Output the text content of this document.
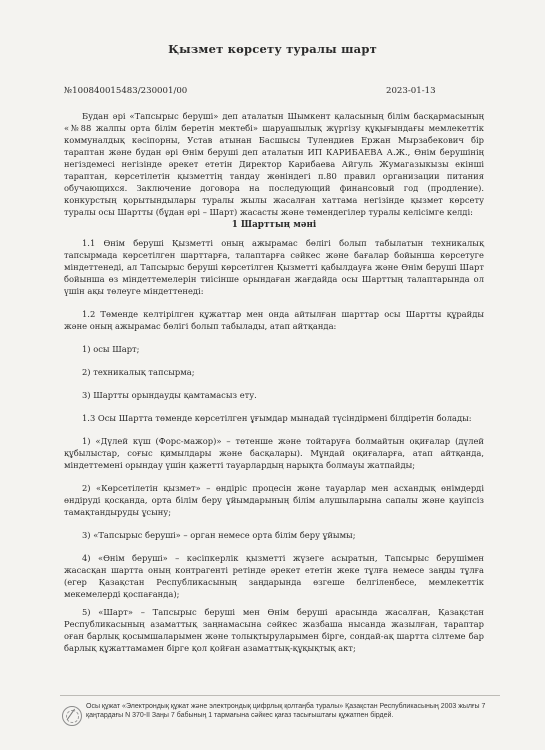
Қызмет көрсету туралы шарт
№100840015483/230001/00	2023-01-13

Будан әрі «Тапсырыс беруші» деп аталатын Шымкент қаласының білім басқармасының «№88 жалпы орта білім беретін мектебі» шаруашылық жүргізу құқығындағы мемлекеттік коммуналдық кәсіпорны, Устав атынан Басшысы Тулендиев Ержан Мырзабекович бір тараптан және будан әрі Өнім беруші деп аталатын ИП КАРИБАЕВА А.Ж., Өнім берушінің негіздемесі негізінде әрекет ететін Директор Карибаева Айгуль Жумагазыкызы екінші тараптан, көрсетілетін қызметтің тандау жөніндегі п.80 правил организации питания обучающихся. Заключение договора на последующий финансовый год (продление). конкурстың қорытындылары туралы жылы жасалған хаттама негізінде қызмет көрсету туралы осы Шартты (бұдан әрі – Шарт) жасасты және төмендегілер туралы келісімге келді:

1 Шарттың мәні

1.1 Өнім беруші Қызметті оның ажырамас бөлігі болып табылатын техникалық тапсырмада көрсетілген шарттарға, талаптарға сәйкес және бағалар бойынша көрсетуге міндеттенеді, ал Тапсырыс беруші көрсетілген Қызметті қабылдауға және Өнім беруші Шарт бойынша өз міндеттемелерін тиісінше орындаған жағдайда осы Шарттың талаптарында ол үшін ақы төлеуге міндеттенеді:

1.2 Төменде келтірілген құжаттар мен онда айтылған шарттар осы Шартты құрайды және оның ажырамас бөлігі болып табылады, атап айтқанда:

1) осы Шарт;

2) техникалық тапсырма;

3) Шартты орындауды қамтамасыз ету.

1.3 Осы Шартта төменде көрсетілген ұғымдар мынадай түсіндірмені білдіретін болады:

1) «Дүлей күш (Форс-мажор)» – төтенше және тойтаруға болмайтын оқиғалар (дүлей құбылыстар, соғыс қимылдары және басқалары). Мұндай оқиғаларға, атап айтқанда, міндеттемені орындау үшін қажетті тауарлардың нарықта болмауы жатпайды;

2) «Көрсетілетін қызмет» – өндіріс процесін және тауарлар мен асхандық өнімдерді өндіруді қосқанда, орта білім беру ұйымдарының білім алушыларына сапалы және қауіпсіз тамақтандыруды ұсыну;

3) «Тапсырыс беруші» – орган немесе орта білім беру ұйымы;

4) «Өнім беруші» – кәсіпкерлік қызметті жүзеге асыратын, Тапсырыс берушімен жасасқан шартта оның контрагенті ретінде әрекет ететін жеке тұлға немесе заңды тұлға (егер Қазақстан Республикасының заңдарында өзгеше белгіленбесе, мемлекеттік мекемелерді қоспағанда);

5) «Шарт» – Тапсырыс беруші мен Өнім беруші арасында жасалған, Қазақстан Республикасының азаматтық заңнамасына сәйкес жазбаша нысанда жазылған, тараптар оған барлық қосымшаларымен және толықтыруларымен бірге, сондай-ақ шартта сілтеме бар барлық құжаттамамен бірге қол қойған азаматтық-құқықтық акт;

Осы құжат «Электрондық құжат және электрондық цифрлық қолтаңба туралы» Қазақстан Республикасының 2003 жылғы 7 қаңтардағы N 370-II Заңы 7 бабының 1 тармағына сәйкес қағаз тасығыштағы құжатпен бірдей.
